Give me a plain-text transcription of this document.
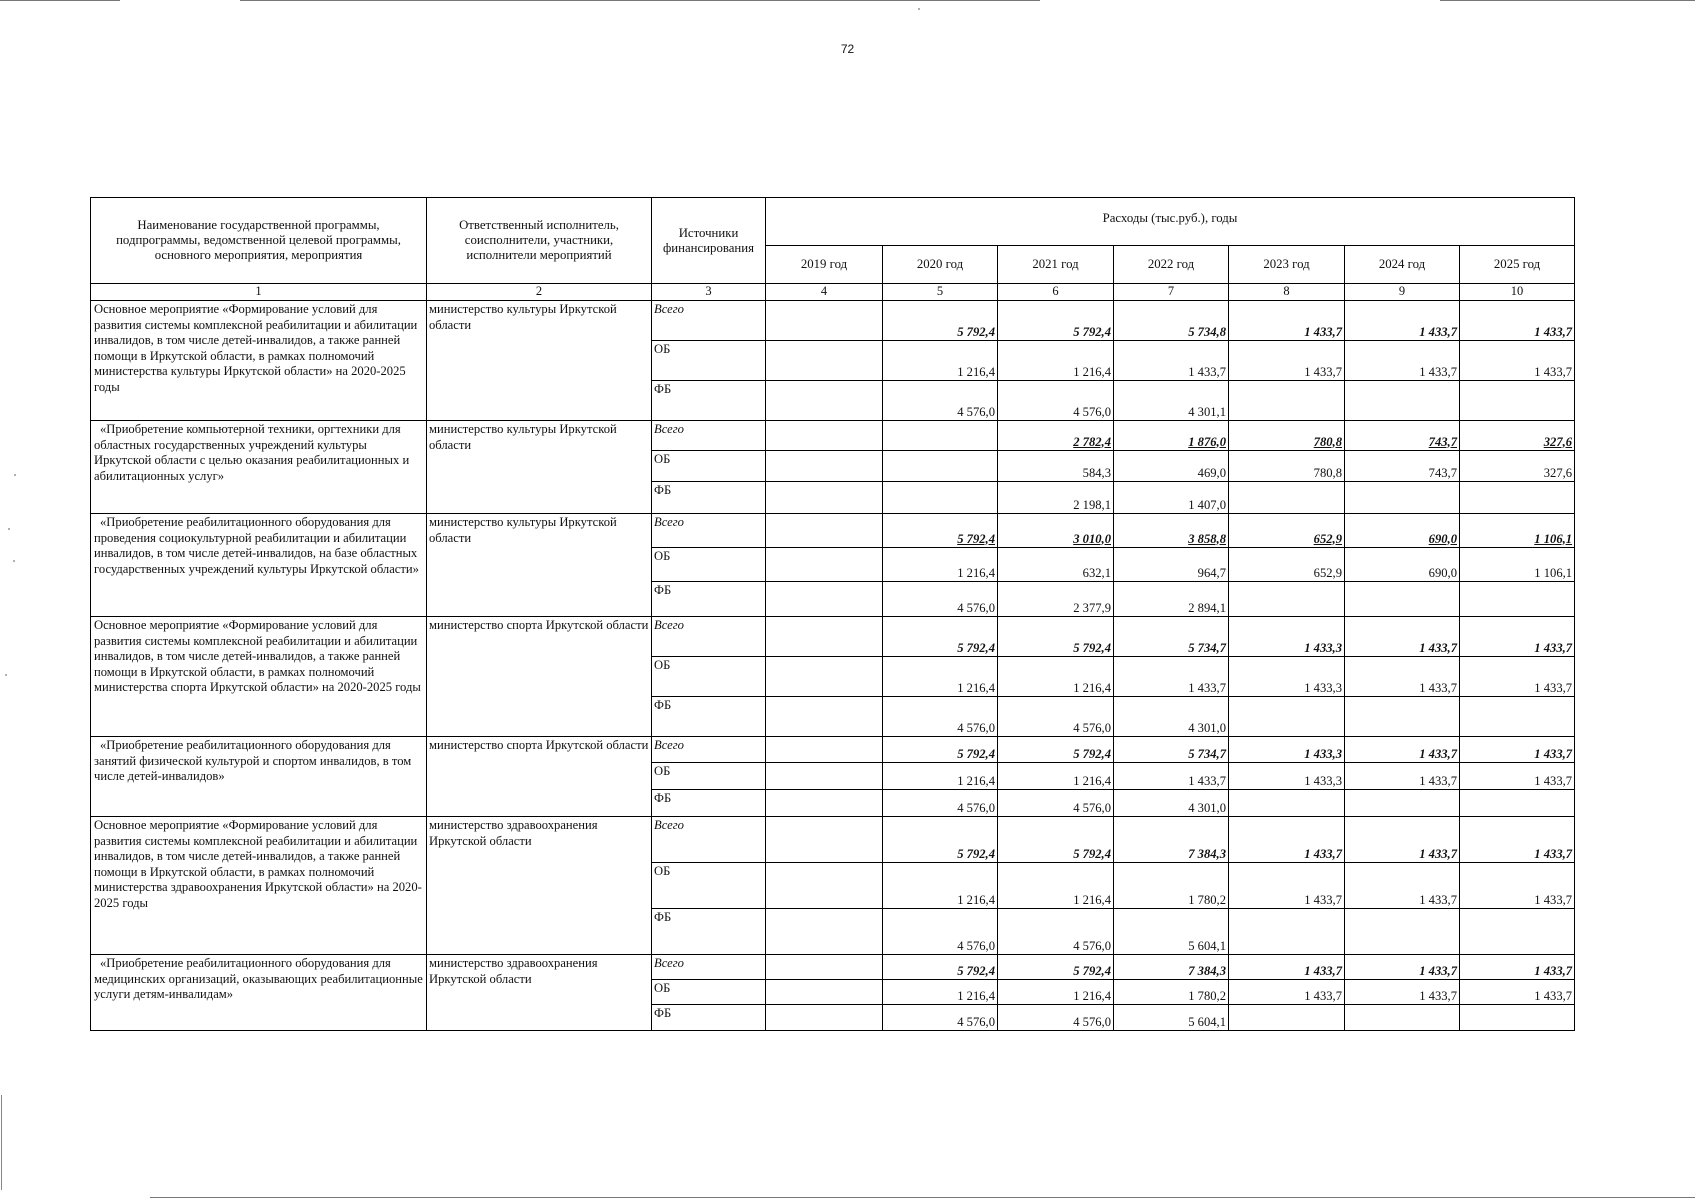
72
Наименование государственной программы, подпрограммы, ведомственной целевой программы, основного мероприятия, мероприятия	Ответственный исполнитель, соисполнители, участники, исполнители мероприятий	Источники финансирования	Расходы (тыс.руб.), годы						
			2019 год	2020 год	2021 год	2022 год	2023 год	2024 год	2025 год
1	2	3	4	5	6	7	8	9	10
Основное мероприятие «Формирование условий для развития системы комплексной реабилитации и абилитации инвалидов, в том числе детей-инвалидов, а также ранней помощи в Иркутской области, в рамках полномочий министерства культуры Иркутской области» на 2020-2025 годы	министерство культуры Иркутской области	Всего		5 792,4	5 792,4	5 734,8	1 433,7	1 433,7	1 433,7
		ОБ		1 216,4	1 216,4	1 433,7	1 433,7	1 433,7	1 433,7
		ФБ		4 576,0	4 576,0	4 301,1			
«Приобретение компьютерной техники, оргтехники для областных государственных учреждений культуры Иркутской области с целью оказания реабилитационных и абилитационных услуг»	министерство культуры Иркутской области	Всего			2 782,4	1 876,0	780,8	743,7	327,6
		ОБ			584,3	469,0	780,8	743,7	327,6
		ФБ			2 198,1	1 407,0			
«Приобретение реабилитационного оборудования для проведения социокультурной реабилитации и абилитации инвалидов, в том числе детей-инвалидов, на базе областных государственных учреждений культуры Иркутской области»	министерство культуры Иркутской области	Всего		5 792,4	3 010,0	3 858,8	652,9	690,0	1 106,1
		ОБ		1 216,4	632,1	964,7	652,9	690,0	1 106,1
		ФБ		4 576,0	2 377,9	2 894,1			
Основное мероприятие «Формирование условий для развития системы комплексной реабилитации и абилитации инвалидов, в том числе детей-инвалидов, а также ранней помощи в Иркутской области, в рамках полномочий министерства спорта Иркутской области» на 2020-2025 годы	министерство спорта Иркутской области	Всего		5 792,4	5 792,4	5 734,7	1 433,3	1 433,7	1 433,7
		ОБ		1 216,4	1 216,4	1 433,7	1 433,3	1 433,7	1 433,7
		ФБ		4 576,0	4 576,0	4 301,0			
«Приобретение реабилитационного оборудования для занятий физической культурой и спортом инвалидов, в том числе детей-инвалидов»	министерство спорта Иркутской области	Всего		5 792,4	5 792,4	5 734,7	1 433,3	1 433,7	1 433,7
		ОБ		1 216,4	1 216,4	1 433,7	1 433,3	1 433,7	1 433,7
		ФБ		4 576,0	4 576,0	4 301,0			
Основное мероприятие «Формирование условий для развития системы комплексной реабилитации и абилитации инвалидов, в том числе детей-инвалидов, а также ранней помощи в Иркутской области, в рамках полномочий министерства здравоохранения Иркутской области» на 2020-2025 годы	министерство здравоохранения Иркутской области	Всего		5 792,4	5 792,4	7 384,3	1 433,7	1 433,7	1 433,7
		ОБ		1 216,4	1 216,4	1 780,2	1 433,7	1 433,7	1 433,7
		ФБ		4 576,0	4 576,0	5 604,1			
«Приобретение реабилитационного оборудования для медицинских организаций, оказывающих реабилитационные услуги детям-инвалидам»	министерство здравоохранения Иркутской области	Всего		5 792,4	5 792,4	7 384,3	1 433,7	1 433,7	1 433,7
		ОБ		1 216,4	1 216,4	1 780,2	1 433,7	1 433,7	1 433,7
		ФБ		4 576,0	4 576,0	5 604,1			
